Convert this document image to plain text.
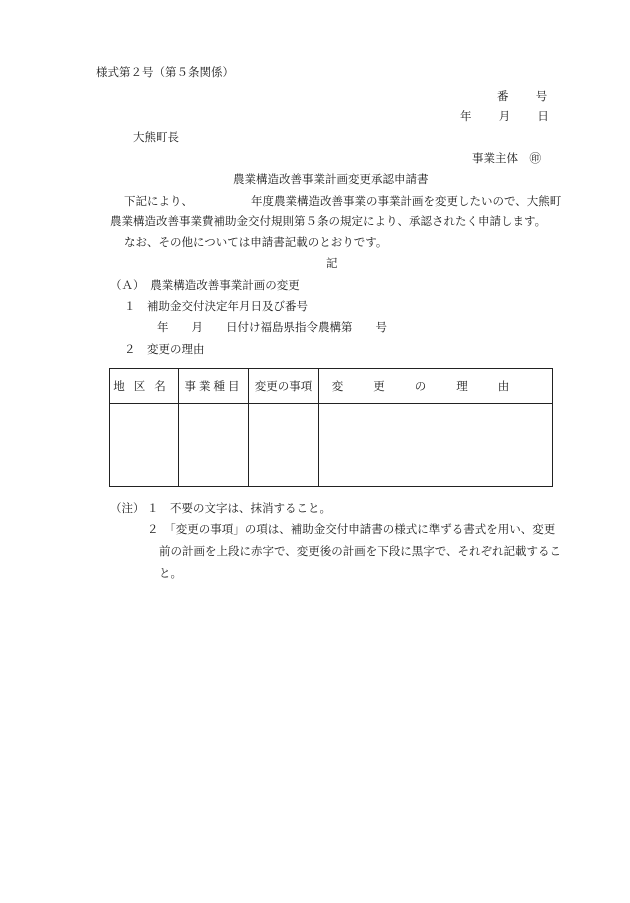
様式第２号（第５条関係）
番　　号
年　　月　　日
大熊町長
事業主体　㊞
農業構造改善事業計画変更承認申請書
下記により、	年度農業構造改善事業の事業計画を変更したいので、大熊町
農業構造改善事業費補助金交付規則第５条の規定により、承認されたく申請します。
なお、その他については申請書記載のとおりです。
記
（Ａ）　農業構造改善事業計画の変更
１　補助金交付決定年月日及び番号
年　　月　　日付け福島県指令農構第　　号
２　変更の理由
地区名	事業種目	変更の事項	変更の理由

（注） １　不要の文字は、抹消すること。
２　「変更の事項」の項は、補助金交付申請書の様式に準ずる書式を用い、変更
前の計画を上段に赤字で、変更後の計画を下段に黒字で、それぞれ記載するこ
と。
